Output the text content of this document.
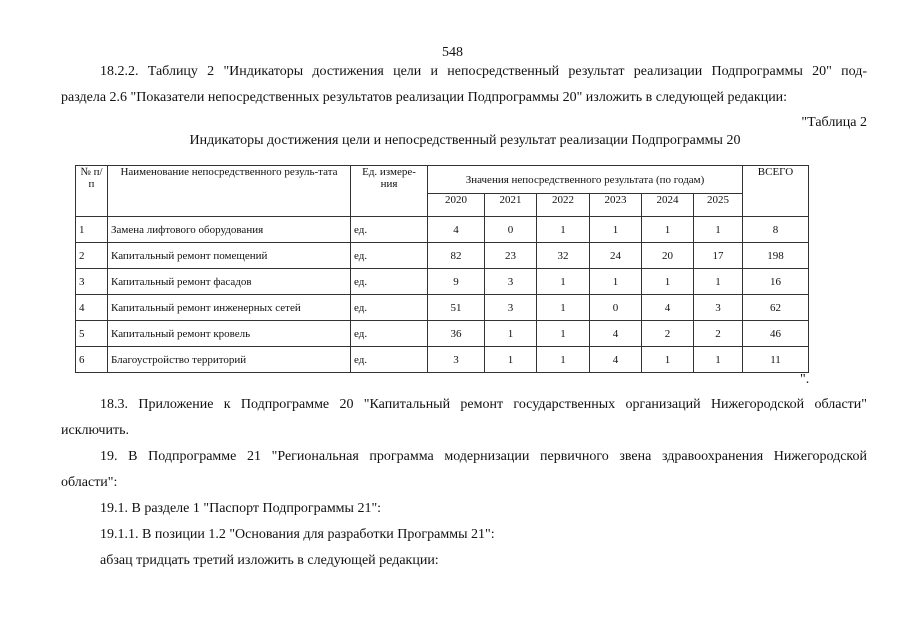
548

18.2.2. Таблицу 2 "Индикаторы достижения цели и непосредственный результат реализации Подпрограммы 20" под-

раздела 2.6 "Показатели непосредственных результатов реализации Подпрограммы 20" изложить в следующей редакции:

"Таблица 2
Индикаторы достижения цели и непосредственный результат реализации Подпрограммы 20
№ п/п	Наименование непосредственного резуль-тата	Ед. измере-ния	Значения непосредственного результата (по годам)						ВСЕГО
			2020	2021	2022	2023	2024	2025	
1	Замена лифтового оборудования	ед.	4	0	1	1	1	1	8
2	Капитальный ремонт помещений	ед.	82	23	32	24	20	17	198
3	Капитальный ремонт фасадов	ед.	9	3	1	1	1	1	16
4	Капитальный ремонт инженерных сетей	ед.	51	3	1	0	4	3	62
5	Капитальный ремонт кровель	ед.	36	1	1	4	2	2	46
6	Благоустройство территорий	ед.	3	1	1	4	1	1	11
".

18.3. Приложение к Подпрограмме 20 "Капитальный ремонт государственных организаций Нижегородской области"

исключить.

19. В Подпрограмме 21 "Региональная программа модернизации первичного звена здравоохранения Нижегородской

области":

19.1. В разделе 1 "Паспорт Подпрограммы 21":

19.1.1. В позиции 1.2 "Основания для разработки Программы 21":

абзац тридцать третий изложить в следующей редакции:
